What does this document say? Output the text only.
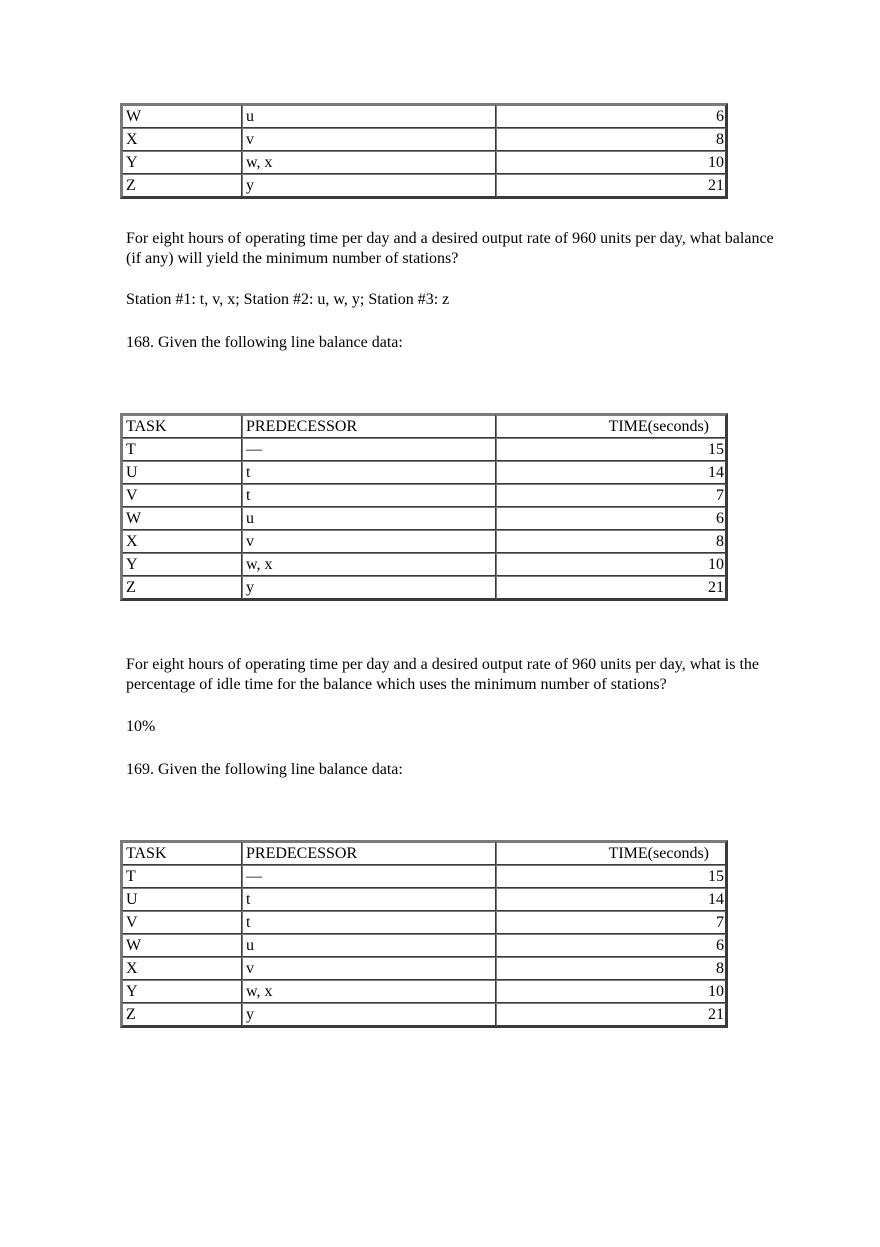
W	u	6
X	v	8
Y	w, x	10
Z	y	21

For eight hours of operating time per day and a desired output rate of 960 units per day, what balance (if any) will yield the minimum number of stations?

Station #1: t, v, x; Station #2: u, w, y; Station #3: z

168. Given the following line balance data:

TASK	PREDECESSOR	TIME(seconds)
T	—	15
U	t	14
V	t	7
W	u	6
X	v	8
Y	w, x	10
Z	y	21

For eight hours of operating time per day and a desired output rate of 960 units per day, what is the percentage of idle time for the balance which uses the minimum number of stations?

10%

169. Given the following line balance data:

TASK	PREDECESSOR	TIME(seconds)
T	—	15
U	t	14
V	t	7
W	u	6
X	v	8
Y	w, x	10
Z	y	21
